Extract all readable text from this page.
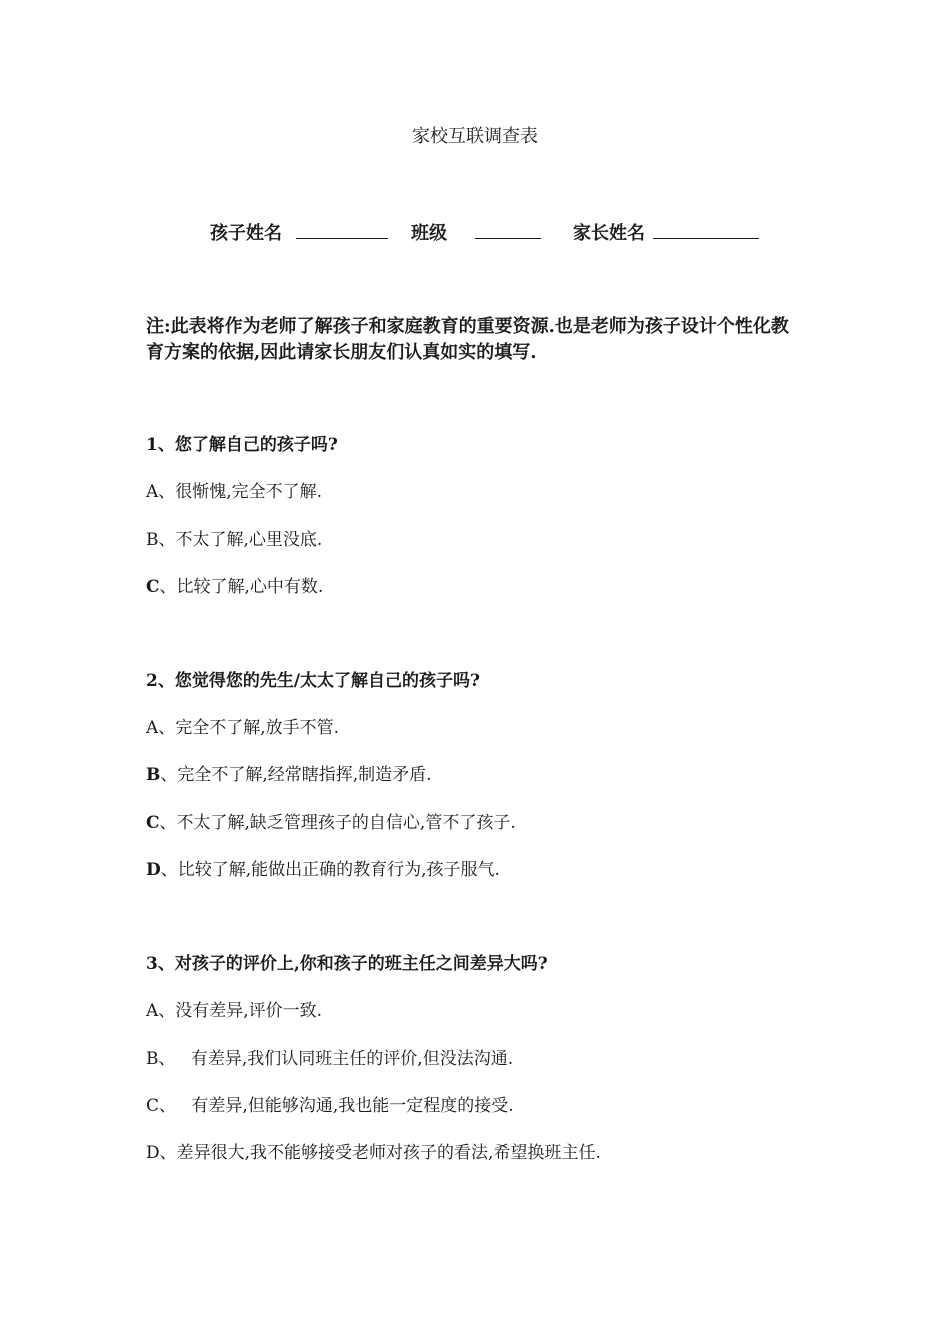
家校互联调查表
孩子姓名	班级	家长姓名
注:此表将作为老师了解孩子和家庭教育的重要资源.也是老师为孩子设计个性化教育方案的依据,因此请家长朋友们认真如实的填写.
1、您了解自己的孩子吗?
A、很惭愧,完全不了解.
B、不太了解,心里没底.
C、比较了解,心中有数.
2、您觉得您的先生/太太了解自己的孩子吗?
A、完全不了解,放手不管.
B、完全不了解,经常瞎指挥,制造矛盾.
C、不太了解,缺乏管理孩子的自信心,管不了孩子.
D、比较了解,能做出正确的教育行为,孩子服气.
3、对孩子的评价上,你和孩子的班主任之间差异大吗?
A、没有差异,评价一致.
B、 有差异,我们认同班主任的评价,但没法沟通.
C、 有差异,但能够沟通,我也能一定程度的接受.
D、差异很大,我不能够接受老师对孩子的看法,希望换班主任.
